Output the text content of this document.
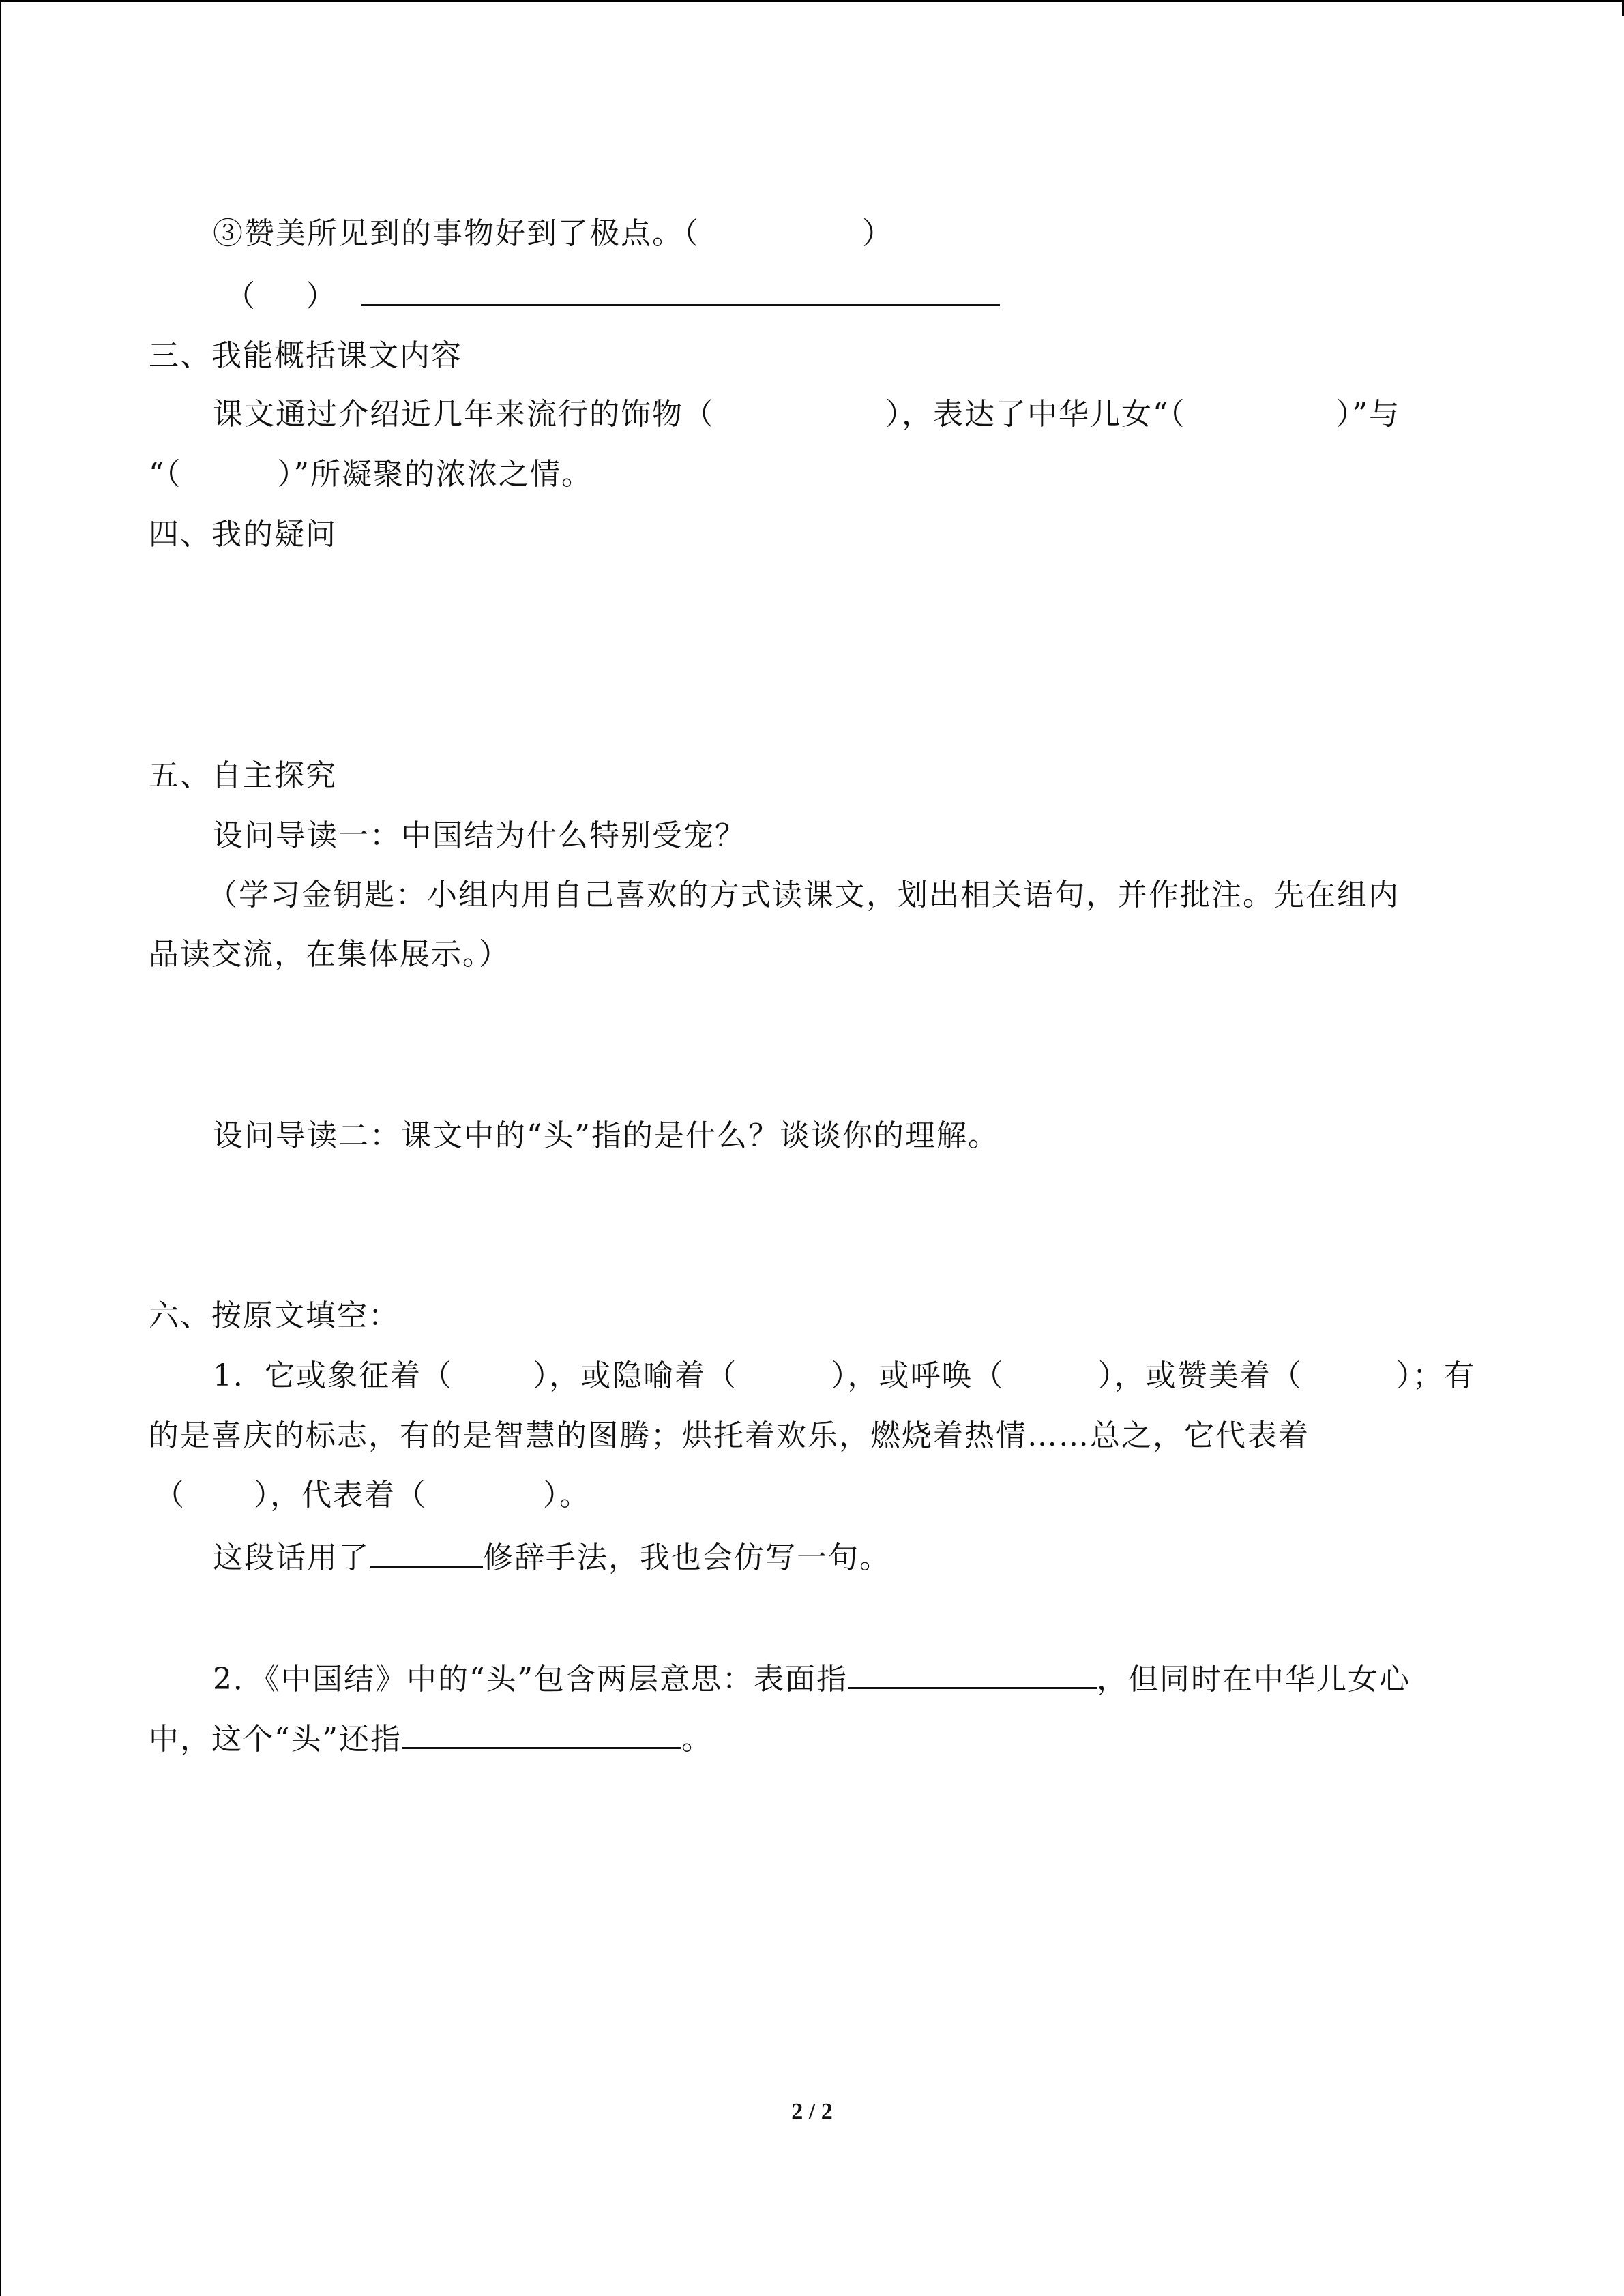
③赞美所见到的事物好到了极点。（	）
（ ）
三、我能概括课文内容
课文通过介绍近几年来流行的饰物（	），表达了中华儿女“（	）”与
“（	）”所凝聚的浓浓之情。
四、我的疑问
五、自主探究
设问导读一：中国结为什么特别受宠？
（学习金钥匙：小组内用自己喜欢的方式读课文，划出相关语句，并作批注。先在组内
品读交流，在集体展示。）
设问导读二：课文中的“头”指的是什么？谈谈你的理解。
六、按原文填空：
1．它或象征着（	），或隐喻着（	），或呼唤（	），或赞美着（	）；有
的是喜庆的标志，有的是智慧的图腾；烘托着欢乐，燃烧着热情……总之，它代表着
（ ），代表着（	）。
这段话用了	修辞手法，我也会仿写一句。
2．《中国结》中的“头”包含两层意思：表面指	，但同时在中华儿女心
中，这个“头”还指	。
2 / 2
